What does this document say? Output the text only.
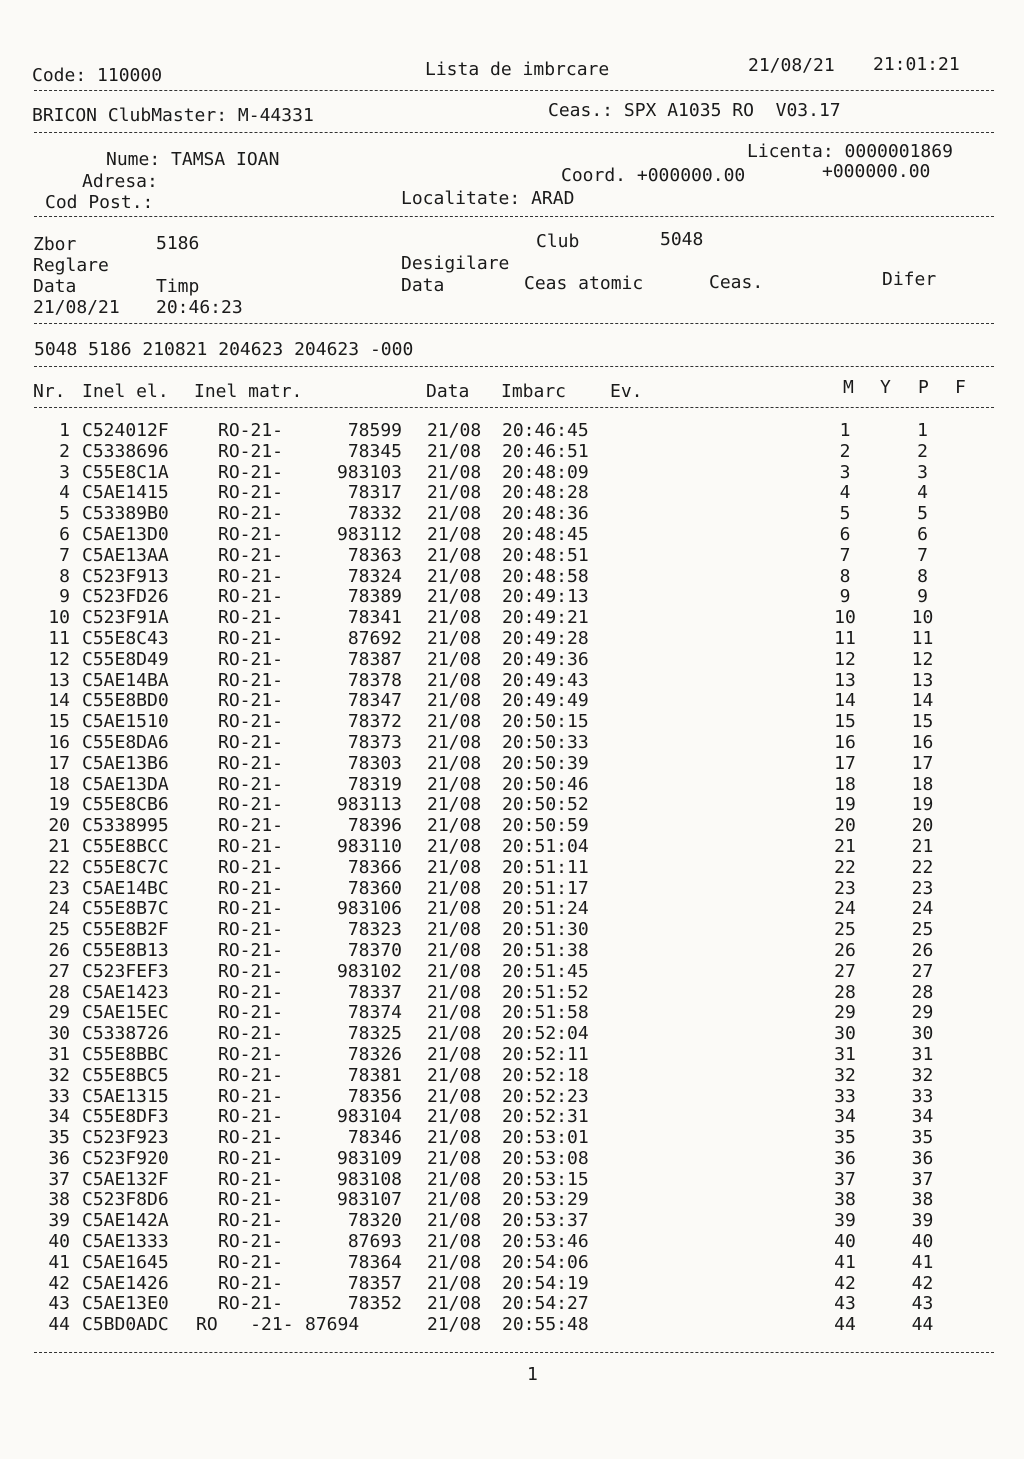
Code: 110000	Lista de imbrcare	21/08/21 21:01:21
BRICON ClubMaster: M-44331	Ceas.: SPX A1035 RO V03.17
Nume: TAMSA IOAN	Licenta: 0000001869
Adresa:	Coord. +000000.00	+000000.00
Cod Post.:	Localitate: ARAD
Zbor	5186	Club	5048
Reglare	Desigilare
Data	Timp	Data	Ceas atomic	Ceas.	Difer
21/08/21 20:46:23
5048 5186 210821 204623 204623 -000
Nr. Inel el. Inel matr.	Data Imbarc Ev.	M Y P F
1 C524012F	RO-21-	78599 21/08	20:46:45	1	1
2 C5338696	RO-21-	78345 21/08	20:46:51	2	2
3 C55E8C1A	RO-21-	983103 21/08	20:48:09	3	3
4 C5AE1415	RO-21-	78317 21/08	20:48:28	4	4
5 C53389B0	RO-21-	78332 21/08	20:48:36	5	5
6 C5AE13D0	RO-21-	983112 21/08	20:48:45	6	6
7 C5AE13AA	RO-21-	78363 21/08	20:48:51	7	7
8 C523F913	RO-21-	78324 21/08	20:48:58	8	8
9 C523FD26	RO-21-	78389 21/08	20:49:13	9	9
10 C523F91A	RO-21-	78341 21/08	20:49:21	10	10
11 C55E8C43	RO-21-	87692 21/08	20:49:28	11	11
12 C55E8D49	RO-21-	78387 21/08	20:49:36	12	12
13 C5AE14BA	RO-21-	78378 21/08	20:49:43	13	13
14 C55E8BD0	RO-21-	78347 21/08	20:49:49	14	14
15 C5AE1510	RO-21-	78372 21/08	20:50:15	15	15
16 C55E8DA6	RO-21-	78373 21/08	20:50:33	16	16
17 C5AE13B6	RO-21-	78303 21/08	20:50:39	17	17
18 C5AE13DA	RO-21-	78319 21/08	20:50:46	18	18
19 C55E8CB6	RO-21-	983113 21/08	20:50:52	19	19
20 C5338995	RO-21-	78396 21/08	20:50:59	20	20
21 C55E8BCC	RO-21-	983110 21/08	20:51:04	21	21
22 C55E8C7C	RO-21-	78366 21/08	20:51:11	22	22
23 C5AE14BC	RO-21-	78360 21/08	20:51:17	23	23
24 C55E8B7C	RO-21-	983106 21/08	20:51:24	24	24
25 C55E8B2F	RO-21-	78323 21/08	20:51:30	25	25
26 C55E8B13	RO-21-	78370 21/08	20:51:38	26	26
27 C523FEF3	RO-21-	983102 21/08	20:51:45	27	27
28 C5AE1423	RO-21-	78337 21/08	20:51:52	28	28
29 C5AE15EC	RO-21-	78374 21/08	20:51:58	29	29
30 C5338726	RO-21-	78325 21/08	20:52:04	30	30
31 C55E8BBC	RO-21-	78326 21/08	20:52:11	31	31
32 C55E8BC5	RO-21-	78381 21/08	20:52:18	32	32
33 C5AE1315	RO-21-	78356 21/08	20:52:23	33	33
34 C55E8DF3	RO-21-	983104 21/08	20:52:31	34	34
35 C523F923	RO-21-	78346 21/08	20:53:01	35	35
36 C523F920	RO-21-	983109 21/08	20:53:08	36	36
37 C5AE132F	RO-21-	983108 21/08	20:53:15	37	37
38 C523F8D6	RO-21-	983107 21/08	20:53:29	38	38
39 C5AE142A	RO-21-	78320 21/08	20:53:37	39	39
40 C5AE1333	RO-21-	87693 21/08	20:53:46	40	40
41 C5AE1645	RO-21-	78364 21/08	20:54:06	41	41
42 C5AE1426	RO-21-	78357 21/08	20:54:19	42	42
43 C5AE13E0	RO-21-	78352 21/08	20:54:27	43	43
44 C5BD0ADC	RO   -21- 87694	21/08	20:55:48	44	44
1
